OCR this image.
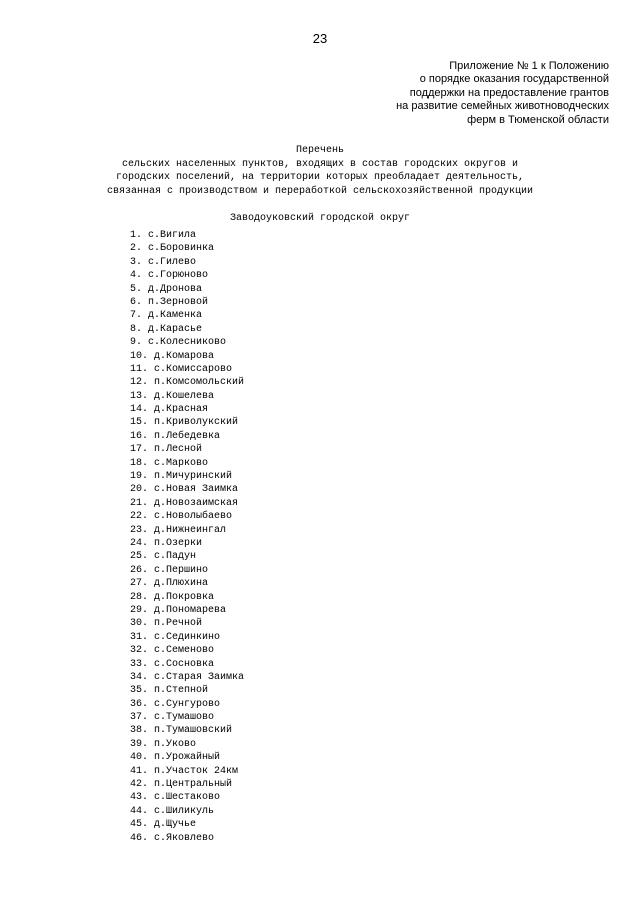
23
Приложение № 1 к Положению
о порядке оказания государственной
поддержки на предоставление грантов
на развитие семейных животноводческих
ферм в Тюменской области
Перечень
сельских населенных пунктов, входящих в состав городских округов и
городских поселений, на территории которых преобладает деятельность,
связанная с производством и переработкой сельскохозяйственной продукции
Заводоуковский городской округ
1. с.Вигила
2. с.Боровинка
3. с.Гилево
4. с.Горюново
5. д.Дронова
6. п.Зерновой
7. д.Каменка
8. д.Карасье
9. с.Колесниково
10. д.Комарова
11. с.Комиссарово
12. п.Комсомольский
13. д.Кошелева
14. д.Красная
15. п.Криволукский
16. п.Лебедевка
17. п.Лесной
18. с.Марково
19. п.Мичуринский
20. с.Новая Заимка
21. д.Новозаимская
22. с.Новолыбаево
23. д.Нижнеингал
24. п.Озерки
25. с.Падун
26. с.Першино
27. д.Плюхина
28. д.Покровка
29. д.Пономарева
30. п.Речной
31. с.Сединкино
32. с.Семеново
33. с.Сосновка
34. с.Старая Заимка
35. п.Степной
36. с.Сунгурово
37. с.Тумашово
38. п.Тумашовский
39. п.Уково
40. п.Урожайный
41. п.Участок 24км
42. п.Центральный
43. с.Шестаково
44. с.Шиликуль
45. д.Щучье
46. с.Яковлево
